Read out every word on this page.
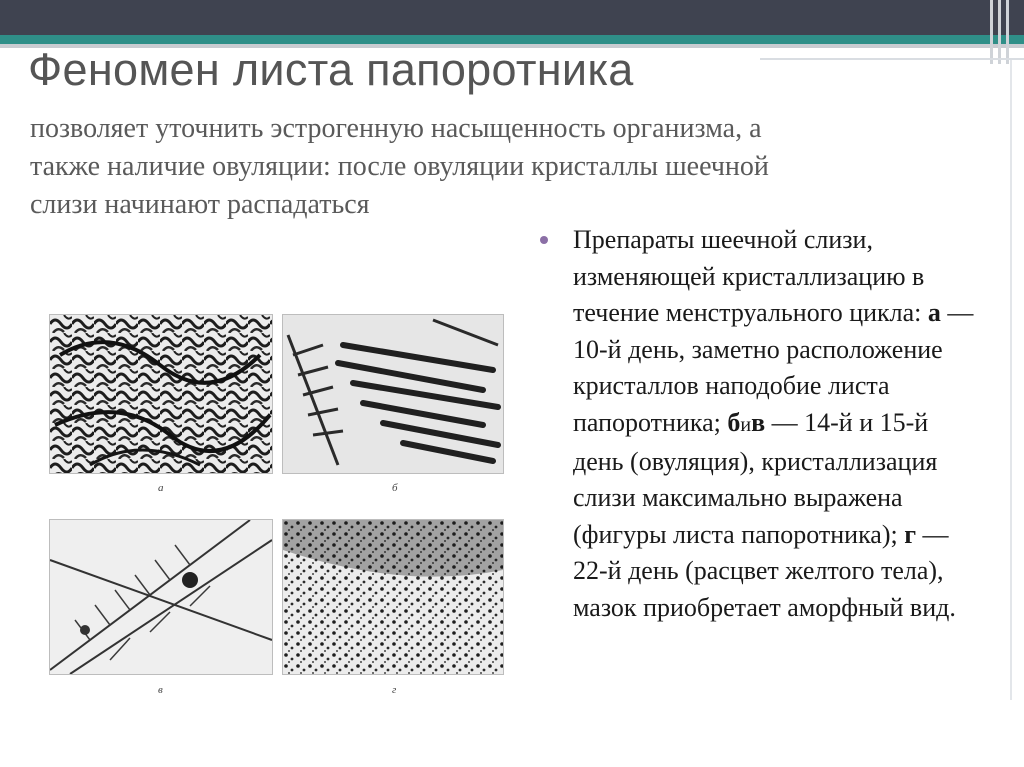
Феномен листа папоротника

позволяет уточнить эстрогенную насыщенность организма, а также наличие овуляции: после овуляции кристаллы шеечной слизи начинают распадаться

а	б
в	г

Препараты шеечной слизи, изменяющей кристаллизацию в течение менструального цикла: а — 10-й день, заметно расположение кристаллов наподобие листа папоротника; бив — 14-й и 15-й день (овуляция), кристаллизация слизи максимально выражена (фигуры листа папоротника); г — 22-й день (расцвет желтого тела), мазок приобретает аморфный вид.
